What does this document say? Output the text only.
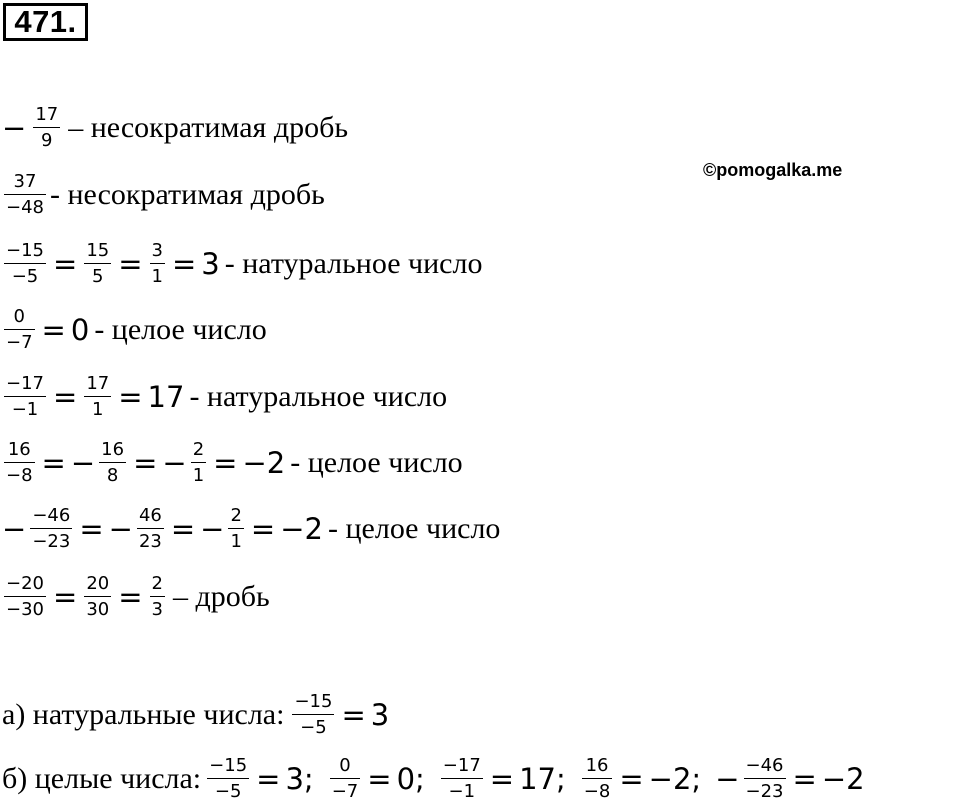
471.
©pomogalka.me
− $\frac{17}{9}$ – несократимая дробь
$\frac{37}{-48}$ - несократимая дробь
$\frac{-15}{-5} = \frac{15}{5} = \frac{3}{1} = 3$ - натуральное число
$\frac{0}{-7} = 0$ - целое число
$\frac{-17}{-1} = \frac{17}{1} = 17$ - натуральное число
$\frac{16}{-8}$ = − $\frac{16}{8}$ = − $\frac{2}{1} = -2$ - целое число
− $\frac{-46}{-23}$ = − $\frac{46}{23}$ = − $\frac{2}{1} = -2$ - целое число
$\frac{-20}{-30} = \frac{20}{30} = \frac{2}{3}$ – дробь
а) натуральные числа: $\frac{-15}{-5} = 3$
б) целые числа: $\frac{-15}{-5} = 3$ ; $\frac{0}{-7} = 0$ ; $\frac{-17}{-1} = 17$ ; $\frac{16}{-8} = -2$ ; − $\frac{-46}{-23} = -2$
